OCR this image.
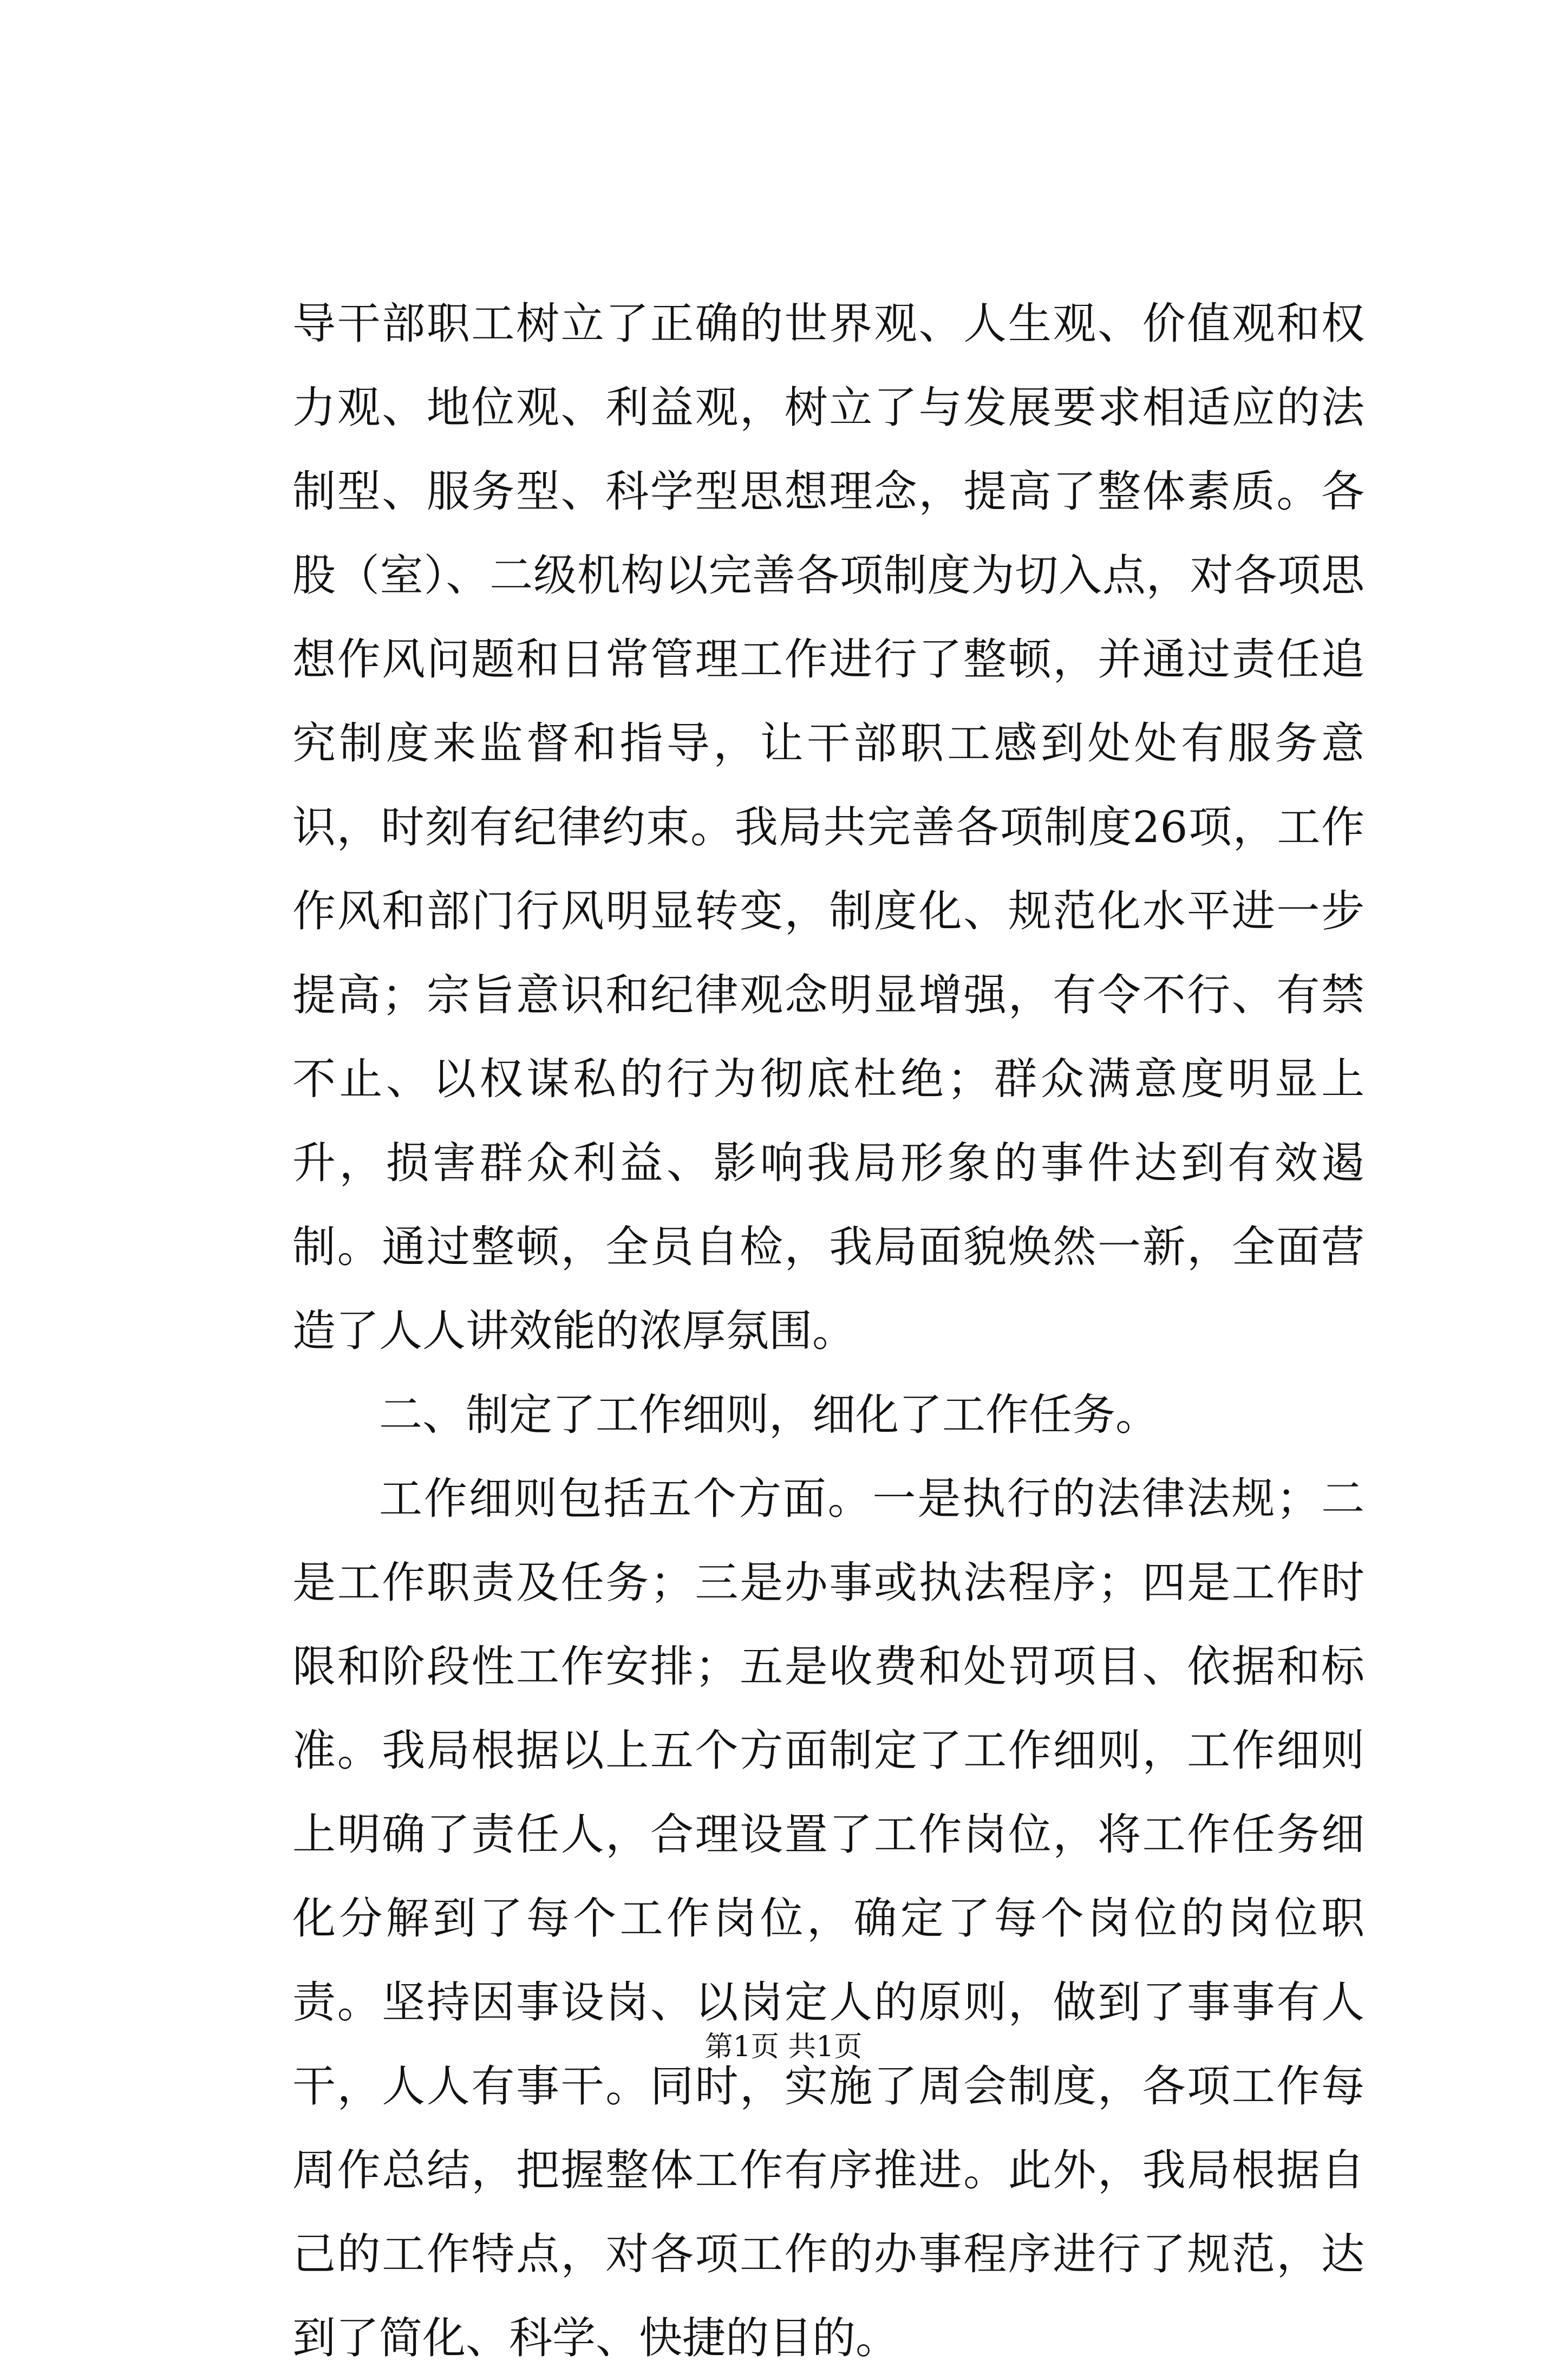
导干部职工树立了正确的世界观、人生观、价值观和权力观、地位观、利益观，树立了与发展要求相适应的法制型、服务型、科学型思想理念，提高了整体素质。各股（室）、二级机构以完善各项制度为切入点，对各项思想作风问题和日常管理工作进行了整顿，并通过责任追究制度来监督和指导，让干部职工感到处处有服务意识，时刻有纪律约束。我局共完善各项制度26项，工作作风和部门行风明显转变，制度化、规范化水平进一步提高；宗旨意识和纪律观念明显增强，有令不行、有禁不止、以权谋私的行为彻底杜绝；群众满意度明显上升，损害群众利益、影响我局形象的事件达到有效遏制。通过整顿，全员自检，我局面貌焕然一新，全面营造了人人讲效能的浓厚氛围。

二、制定了工作细则，细化了工作任务。

工作细则包括五个方面。一是执行的法律法规；二是工作职责及任务；三是办事或执法程序；四是工作时限和阶段性工作安排；五是收费和处罚项目、依据和标准。我局根据以上五个方面制定了工作细则，工作细则上明确了责任人，合理设置了工作岗位，将工作任务细化分解到了每个工作岗位，确定了每个岗位的岗位职责。坚持因事设岗、以岗定人的原则，做到了事事有人干，人人有事干。同时，实施了周会制度，各项工作每周作总结，把握整体工作有序推进。此外，我局根据自己的工作特点，对各项工作的办事程序进行了规范，达到了简化、科学、快捷的目的。

第1页 共1页
